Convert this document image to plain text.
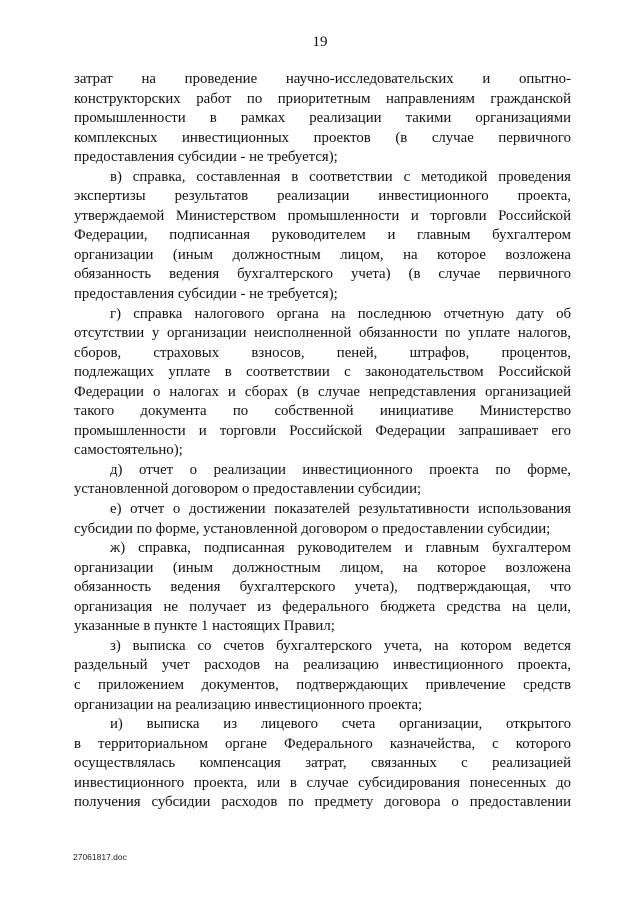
19
затрат на проведение научно-исследовательских и опытно-
конструкторских работ по приоритетным направлениям гражданской
промышленности в рамках реализации такими организациями
комплексных инвестиционных проектов (в случае первичного
предоставления субсидии - не требуется);
в) справка, составленная в соответствии с методикой проведения
экспертизы результатов реализации инвестиционного проекта,
утверждаемой Министерством промышленности и торговли Российской
Федерации, подписанная руководителем и главным бухгалтером
организации (иным должностным лицом, на которое возложена
обязанность ведения бухгалтерского учета) (в случае первичного
предоставления субсидии - не требуется);
г) справка налогового органа на последнюю отчетную дату об
отсутствии у организации неисполненной обязанности по уплате налогов,
сборов, страховых взносов, пеней, штрафов, процентов,
подлежащих уплате в соответствии с законодательством Российской
Федерации о налогах и сборах (в случае непредставления организацией
такого документа по собственной инициативе Министерство
промышленности и торговли Российской Федерации запрашивает его
самостоятельно);
д) отчет о реализации инвестиционного проекта по форме,
установленной договором о предоставлении субсидии;
е) отчет о достижении показателей результативности использования
субсидии по форме, установленной договором о предоставлении субсидии;
ж) справка, подписанная руководителем и главным бухгалтером
организации (иным должностным лицом, на которое возложена
обязанность ведения бухгалтерского учета), подтверждающая, что
организация не получает из федерального бюджета средства на цели,
указанные в пункте 1 настоящих Правил;
з) выписка со счетов бухгалтерского учета, на котором ведется
раздельный учет расходов на реализацию инвестиционного проекта,
с приложением документов, подтверждающих привлечение средств
организации на реализацию инвестиционного проекта;
и) выписка из лицевого счета организации, открытого
в территориальном органе Федерального казначейства, с которого
осуществлялась компенсация затрат, связанных с реализацией
инвестиционного проекта, или в случае субсидирования понесенных до
получения субсидии расходов по предмету договора о предоставлении
27061817.doc
